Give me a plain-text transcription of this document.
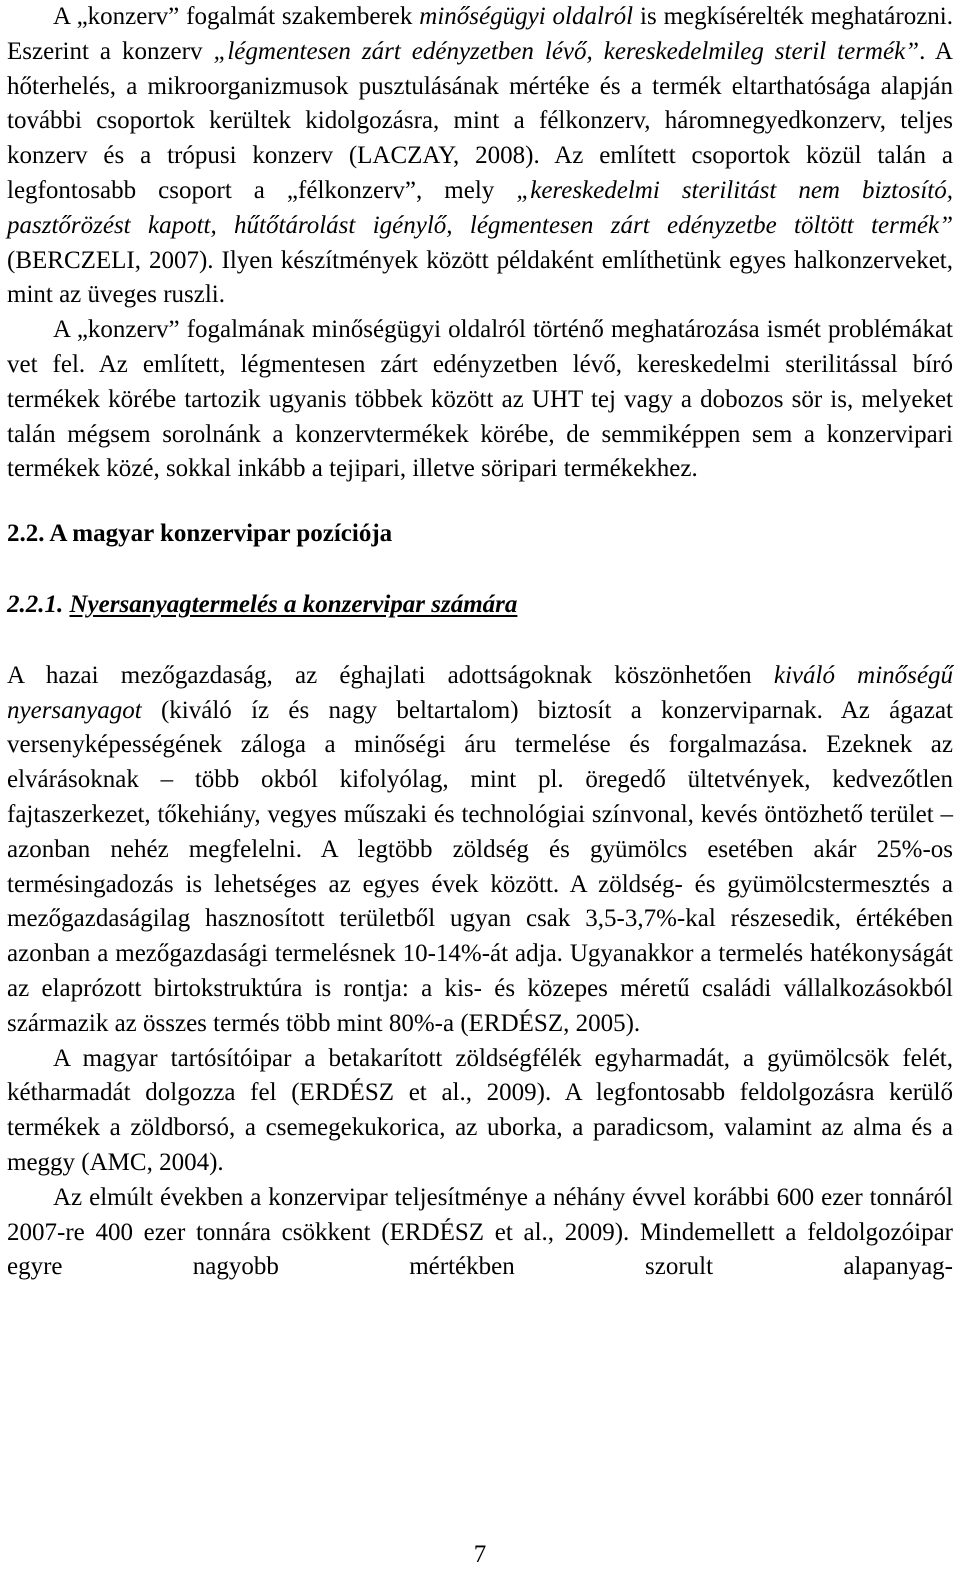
A „konzerv” fogalmát szakemberek minőségügyi oldalról is megkísérelték meghatározni. Eszerint a konzerv „légmentesen zárt edényzetben lévő, kereskedelmileg steril termék”. A hőterhelés, a mikroorganizmusok pusztulásának mértéke és a termék eltarthatósága alapján további csoportok kerültek kidolgozásra, mint a félkonzerv, háromnegyedkonzerv, teljes konzerv és a trópusi konzerv (LACZAY, 2008). Az említett csoportok közül talán a legfontosabb csoport a „félkonzerv”, mely „kereskedelmi sterilitást nem biztosító, pasztőrözést kapott, hűtőtárolást igénylő, légmentesen zárt edényzetbe töltött termék” (BERCZELI, 2007). Ilyen készítmények között példaként említhetünk egyes halkonzerveket, mint az üveges ruszli.

A „konzerv” fogalmának minőségügyi oldalról történő meghatározása ismét problémákat vet fel. Az említett, légmentesen zárt edényzetben lévő, kereskedelmi sterilitással bíró termékek körébe tartozik ugyanis többek között az UHT tej vagy a dobozos sör is, melyeket talán mégsem sorolnánk a konzervtermékek körébe, de semmiképpen sem a konzervipari termékek közé, sokkal inkább a tejipari, illetve söripari termékekhez.

2.2. A magyar konzervipar pozíciója
2.2.1. Nyersanyagtermelés a konzervipar számára

A hazai mezőgazdaság, az éghajlati adottságoknak köszönhetően kiváló minőségű nyersanyagot (kiváló íz és nagy beltartalom) biztosít a konzerviparnak. Az ágazat versenyképességének záloga a minőségi áru termelése és forgalmazása. Ezeknek az elvárásoknak – több okból kifolyólag, mint pl. öregedő ültetvények, kedvezőtlen fajtaszerkezet, tőkehiány, vegyes műszaki és technológiai színvonal, kevés öntözhető terület – azonban nehéz megfelelni. A legtöbb zöldség és gyümölcs esetében akár 25%-os termésingadozás is lehetséges az egyes évek között. A zöldség- és gyümölcstermesztés a mezőgazdaságilag hasznosított területből ugyan csak 3,5-3,7%-kal részesedik, értékében azonban a mezőgazdasági termelésnek 10-14%-át adja. Ugyanakkor a termelés hatékonyságát az elaprózott birtokstruktúra is rontja: a kis- és közepes méretű családi vállalkozásokból származik az összes termés több mint 80%-a (ERDÉSZ, 2005).

A magyar tartósítóipar a betakarított zöldségfélék egyharmadát, a gyümölcsök felét, kétharmadát dolgozza fel (ERDÉSZ et al., 2009). A legfontosabb feldolgozásra kerülő termékek a zöldborsó, a csemegekukorica, az uborka, a paradicsom, valamint az alma és a meggy (AMC, 2004).

Az elmúlt években a konzervipar teljesítménye a néhány évvel korábbi 600 ezer tonnáról 2007-re 400 ezer tonnára csökkent (ERDÉSZ et al., 2009). Mindemellett a feldolgozóipar egyre nagyobb mértékben szorult alapanyag-

7
